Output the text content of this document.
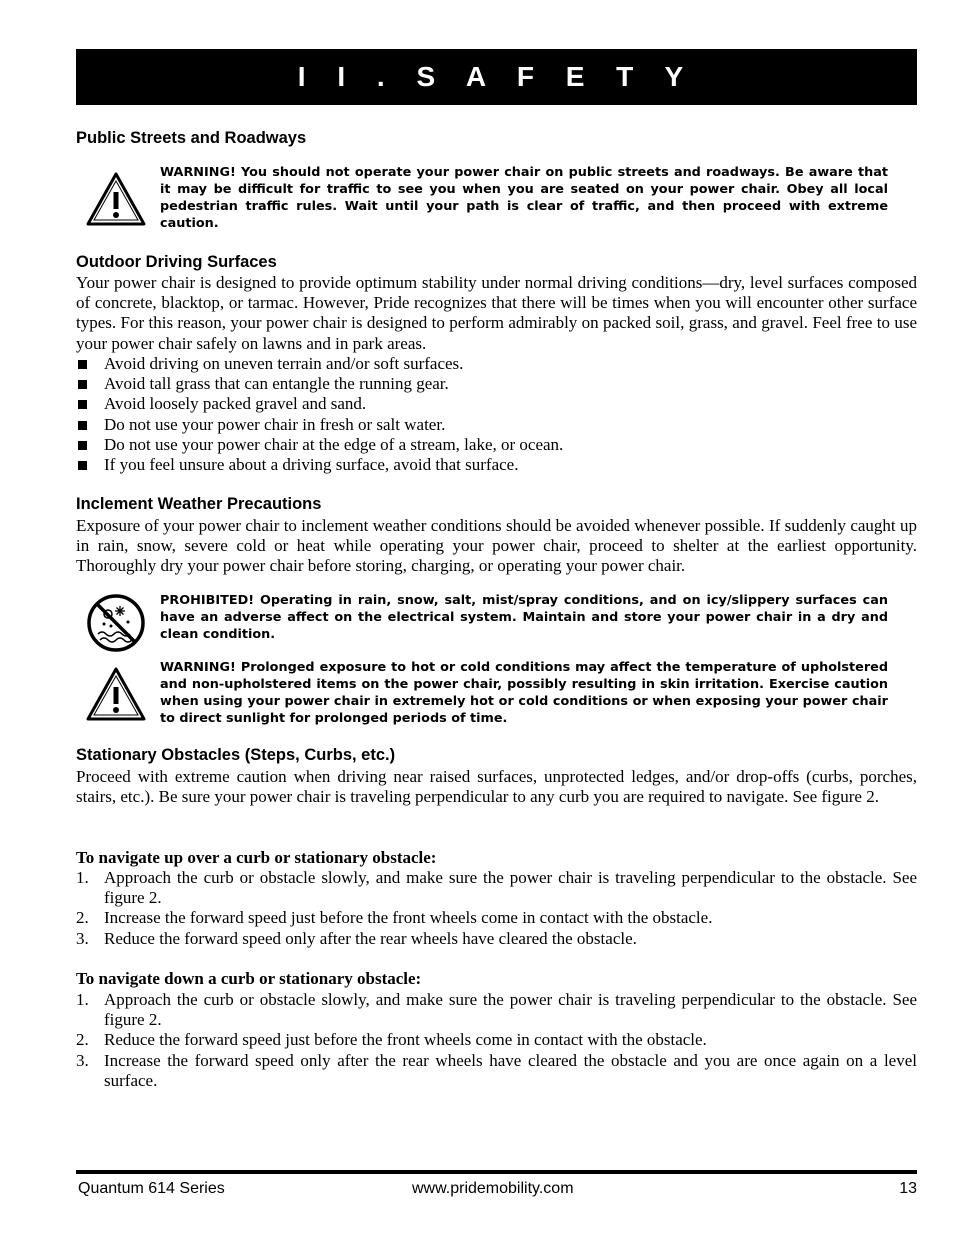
I I . S A F E T Y
Public Streets and Roadways

WARNING! You should not operate your power chair on public streets and roadways. Be aware that it may be difficult for traffic to see you when you are seated on your power chair. Obey all local pedestrian traffic rules. Wait until your path is clear of traffic, and then proceed with extreme caution.

Outdoor Driving Surfaces

Your power chair is designed to provide optimum stability under normal driving conditions—dry, level surfaces composed of concrete, blacktop, or tarmac. However, Pride recognizes that there will be times when you will encounter other surface types. For this reason, your power chair is designed to perform admirably on packed soil, grass, and gravel. Feel free to use your power chair safely on lawns and in park areas.

Avoid driving on uneven terrain and/or soft surfaces.
Avoid tall grass that can entangle the running gear.
Avoid loosely packed gravel and sand.
Do not use your power chair in fresh or salt water.
Do not use your power chair at the edge of a stream, lake, or ocean.
If you feel unsure about a driving surface, avoid that surface.
Inclement Weather Precautions

Exposure of your power chair to inclement weather conditions should be avoided whenever possible. If suddenly caught up in rain, snow, severe cold or heat while operating your power chair, proceed to shelter at the earliest opportunity. Thoroughly dry your power chair before storing, charging, or operating your power chair.

PROHIBITED! Operating in rain, snow, salt, mist/spray conditions, and on icy/slippery surfaces can have an adverse affect on the electrical system. Maintain and store your power chair in a dry and clean condition.

WARNING! Prolonged exposure to hot or cold conditions may affect the temperature of upholstered and non-upholstered items on the power chair, possibly resulting in skin irritation. Exercise caution when using your power chair in extremely hot or cold conditions or when exposing your power chair to direct sunlight for prolonged periods of time.

Stationary Obstacles (Steps, Curbs, etc.)

Proceed with extreme caution when driving near raised surfaces, unprotected ledges, and/or drop-offs (curbs, porches, stairs, etc.). Be sure your power chair is traveling perpendicular to any curb you are required to navigate. See figure 2.

To navigate up over a curb or stationary obstacle:

1. Approach the curb or obstacle slowly, and make sure the power chair is traveling perpendicular to the obstacle. See figure 2.
2. Increase the forward speed just before the front wheels come in contact with the obstacle.
3. Reduce the forward speed only after the rear wheels have cleared the obstacle.

To navigate down a curb or stationary obstacle:

1. Approach the curb or obstacle slowly, and make sure the power chair is traveling perpendicular to the obstacle. See figure 2.
2. Reduce the forward speed just before the front wheels come in contact with the obstacle.
3. Increase the forward speed only after the rear wheels have cleared the obstacle and you are once again on a level surface.
Quantum 614 Series	www.pridemobility.com	13
